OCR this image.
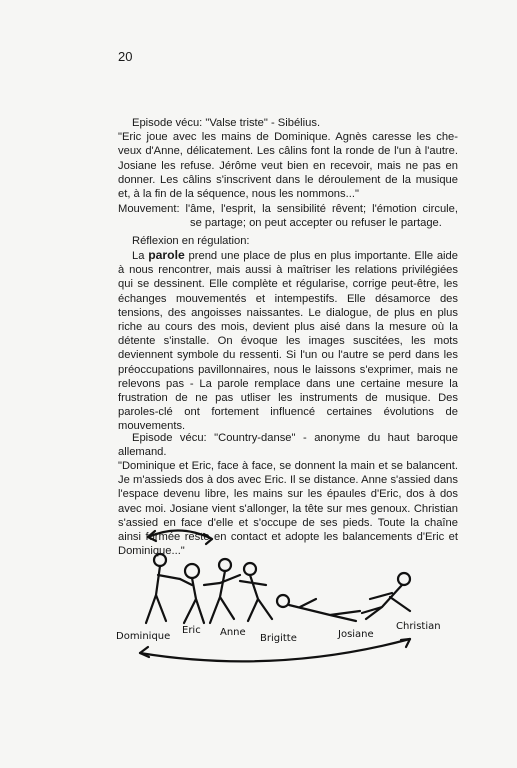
20
Episode vécu: "Valse triste" - Sibélius.
"Eric joue avec les mains de Dominique. Agnès caresse les che-
veux d'Anne, délicatement. Les câlins font la ronde de l'un à l'autre.
Josiane les refuse. Jérôme veut bien en recevoir, mais ne pas en
donner. Les câlins s'inscrivent dans le déroulement de la musique
et, à la fin de la séquence, nous les nommons..."
Mouvement: l'âme, l'esprit, la sensibilité rêvent; l'émotion circule,
se partage; on peut accepter ou refuser le partage.
Réflexion en régulation:

La parole prend une place de plus en plus importante. Elle aide à nous rencontrer, mais aussi à maîtriser les relations privilégiées qui se dessinent. Elle complète et régularise, corrige peut-être, les échanges mouvementés et intempestifs. Elle désamorce des tensions, des angoisses naissantes. Le dialogue, de plus en plus riche au cours des mois, devient plus aisé dans la mesure où la détente s'installe. On évoque les images suscitées, les mots deviennent symbole du ressenti. Si l'un ou l'autre se perd dans les préoccupations pavillonnaires, nous le laissons s'exprimer, mais ne relevons pas - La parole remplace dans une certaine mesure la frustration de ne pas utliser les instruments de musique. Des paroles-clé ont fortement influencé certaines évolutions de mouvements.

Episode vécu: "Country-danse" - anonyme du haut baroque
allemand.

"Dominique et Eric, face à face, se donnent la main et se balancent. Je m'assieds dos à dos avec Eric. Il se distance. Anne s'assied dans l'espace devenu libre, les mains sur les épaules d'Eric, dos à dos avec moi. Josiane vient s'allonger, la tête sur mes genoux. Christian s'assied en face d'elle et s'occupe de ses pieds. Toute la chaîne ainsi formée reste en contact et adopte les balancements d'Eric et Dominique..."

Dominique
Eric Anne
Brigitte	Josiane
Christian
